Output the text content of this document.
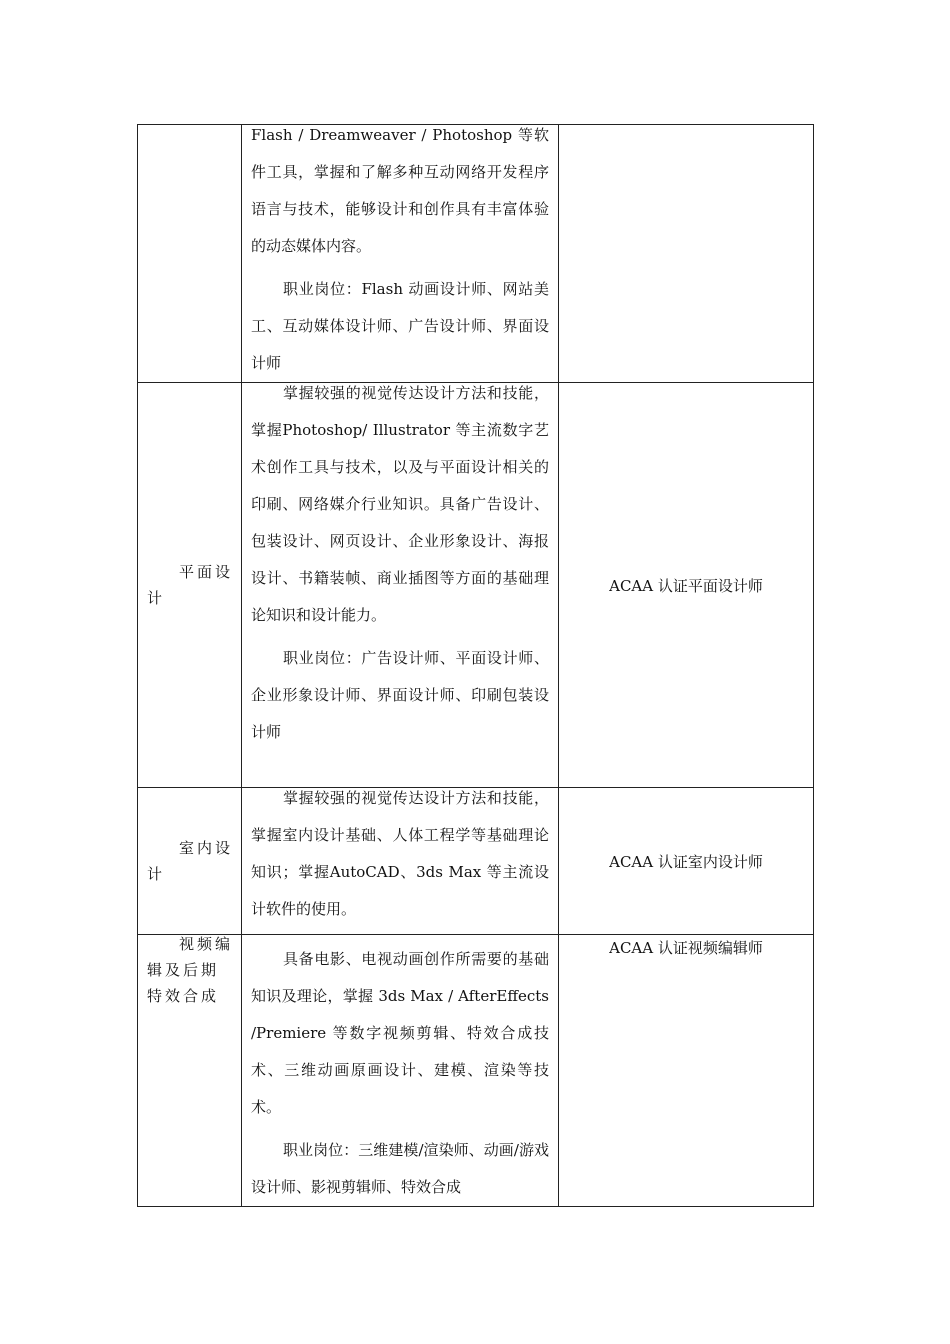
	Flash / Dreamweaver / Photoshop 等软件工具，掌握和了解多种互动网络开发程序语言与技术，能够设计和创作具有丰富体验的动态媒体内容。

职业岗位：Flash 动画设计师、网站美工、互动媒体设计师、广告设计师、界面设计师	

平面设计	掌握较强的视觉传达设计方法和技能，掌握Photoshop/ Illustrator 等主流数字艺术创作工具与技术，以及与平面设计相关的印刷、网络媒介行业知识。具备广告设计、包装设计、网页设计、企业形象设计、海报设计、书籍装帧、商业插图等方面的基础理论知识和设计能力。

职业岗位：广告设计师、平面设计师、企业形象设计师、界面设计师、印刷包装设计师	ACAA 认证平面设计师

室内设计	掌握较强的视觉传达设计方法和技能，掌握室内设计基础、人体工程学等基础理论知识；掌握AutoCAD、3ds Max 等主流设计软件的使用。	ACAA 认证室内设计师

视频编辑及后期特效合成	具备电影、电视动画创作所需要的基础知识及理论，掌握 3ds Max / AfterEffects /Premiere 等数字视频剪辑、特效合成技术、三维动画原画设计、建模、渲染等技术。

职业岗位：三维建模/渲染师、动画/游戏设计师、影视剪辑师、特效合成	ACAA 认证视频编辑师
